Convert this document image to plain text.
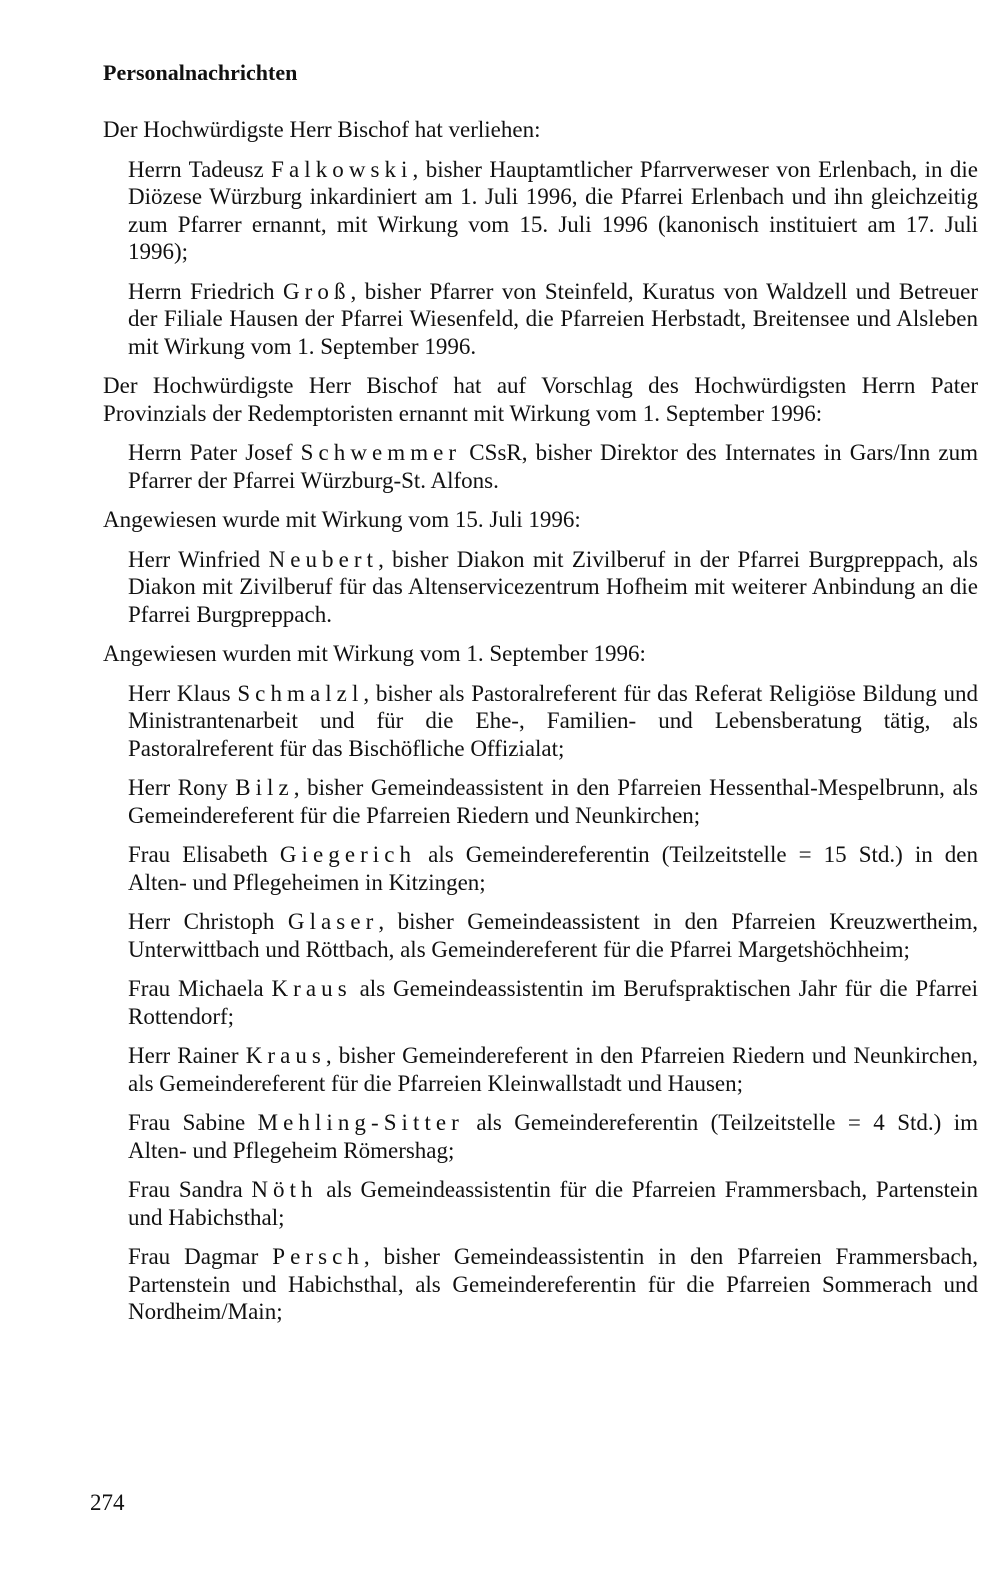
Personalnachrichten

Der Hochwürdigste Herr Bischof hat verliehen:

Herrn Tadeusz Falkowski, bisher Hauptamtlicher Pfarrverweser von Erlenbach, in die Diözese Würzburg inkardiniert am 1. Juli 1996, die Pfarrei Erlenbach und ihn gleichzeitig zum Pfarrer ernannt, mit Wirkung vom 15. Juli 1996 (kanonisch instituiert am 17. Juli 1996);

Herrn Friedrich Groß, bisher Pfarrer von Steinfeld, Kuratus von Waldzell und Betreuer der Filiale Hausen der Pfarrei Wiesenfeld, die Pfarreien Herbstadt, Breitensee und Alsleben mit Wirkung vom 1. September 1996.

Der Hochwürdigste Herr Bischof hat auf Vorschlag des Hochwürdigsten Herrn Pater Provinzials der Redemptoristen ernannt mit Wirkung vom 1. September 1996:

Herrn Pater Josef Schwemmer CSsR, bisher Direktor des Internates in Gars/Inn zum Pfarrer der Pfarrei Würzburg-St. Alfons.

Angewiesen wurde mit Wirkung vom 15. Juli 1996:

Herr Winfried Neubert, bisher Diakon mit Zivilberuf in der Pfarrei Burgpreppach, als Diakon mit Zivilberuf für das Altenservicezentrum Hofheim mit weiterer Anbindung an die Pfarrei Burgpreppach.

Angewiesen wurden mit Wirkung vom 1. September 1996:

Herr Klaus Schmalzl, bisher als Pastoralreferent für das Referat Religiöse Bildung und Ministrantenarbeit und für die Ehe-, Familien- und Lebensberatung tätig, als Pastoralreferent für das Bischöfliche Offizialat;

Herr Rony Bilz, bisher Gemeindeassistent in den Pfarreien Hessenthal-Mespelbrunn, als Gemeindereferent für die Pfarreien Riedern und Neunkirchen;

Frau Elisabeth Giegerich als Gemeindereferentin (Teilzeitstelle = 15 Std.) in den Alten- und Pflegeheimen in Kitzingen;

Herr Christoph Glaser, bisher Gemeindeassistent in den Pfarreien Kreuzwertheim, Unterwittbach und Röttbach, als Gemeindereferent für die Pfarrei Margetshöchheim;

Frau Michaela Kraus als Gemeindeassistentin im Berufspraktischen Jahr für die Pfarrei Rottendorf;

Herr Rainer Kraus, bisher Gemeindereferent in den Pfarreien Riedern und Neunkirchen, als Gemeindereferent für die Pfarreien Kleinwallstadt und Hausen;

Frau Sabine Mehling-Sitter als Gemeindereferentin (Teilzeitstelle = 4 Std.) im Alten- und Pflegeheim Römershag;

Frau Sandra Nöth als Gemeindeassistentin für die Pfarreien Frammersbach, Partenstein und Habichsthal;

Frau Dagmar Persch, bisher Gemeindeassistentin in den Pfarreien Frammersbach, Partenstein und Habichsthal, als Gemeindereferentin für die Pfarreien Sommerach und Nordheim/Main;

274
